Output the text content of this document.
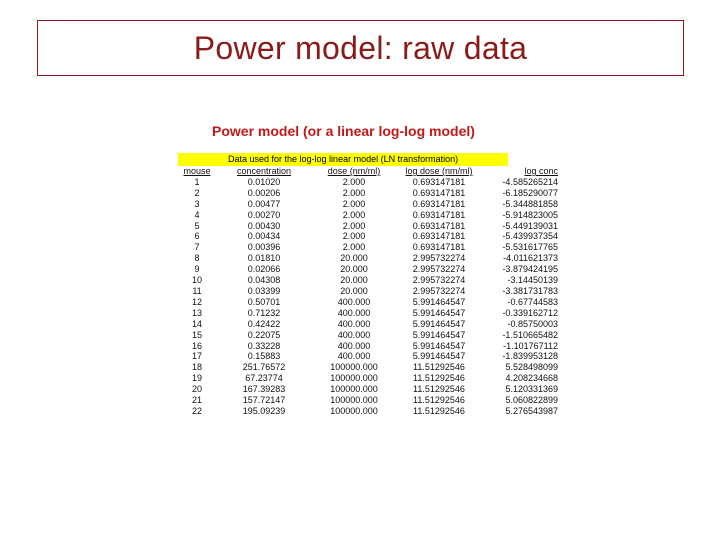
Power model: raw data
Power model (or a linear log-log model)
Data used for the log-log linear model (LN transformation)
mouse	concentration	dose (nm/ml)	log dose (nm/ml)	log conc
1	0.01020	2.000	0.693147181	-4.585265214
2	0.00206	2.000	0.693147181	-6.185290077
3	0.00477	2.000	0.693147181	-5.344881858
4	0.00270	2.000	0.693147181	-5.914823005
5	0.00430	2.000	0.693147181	-5.449139031
6	0.00434	2.000	0.693147181	-5.439937354
7	0.00396	2.000	0.693147181	-5.531617765
8	0.01810	20.000	2.995732274	-4.011621373
9	0.02066	20.000	2.995732274	-3.879424195
10	0.04308	20.000	2.995732274	-3.14450139
11	0.03399	20.000	2.995732274	-3.381731783
12	0.50701	400.000	5.991464547	-0.67744583
13	0.71232	400.000	5.991464547	-0.339162712
14	0.42422	400.000	5.991464547	-0.85750003
15	0.22075	400.000	5.991464547	-1.510665482
16	0.33228	400.000	5.991464547	-1.101767112
17	0.15883	400.000	5.991464547	-1.839953128
18	251.76572	100000.000	11.51292546	5.528498099
19	67.23774	100000.000	11.51292546	4.208234668
20	167.39283	100000.000	11.51292546	5.120331369
21	157.72147	100000.000	11.51292546	5.060822899
22	195.09239	100000.000	11.51292546	5.276543987
